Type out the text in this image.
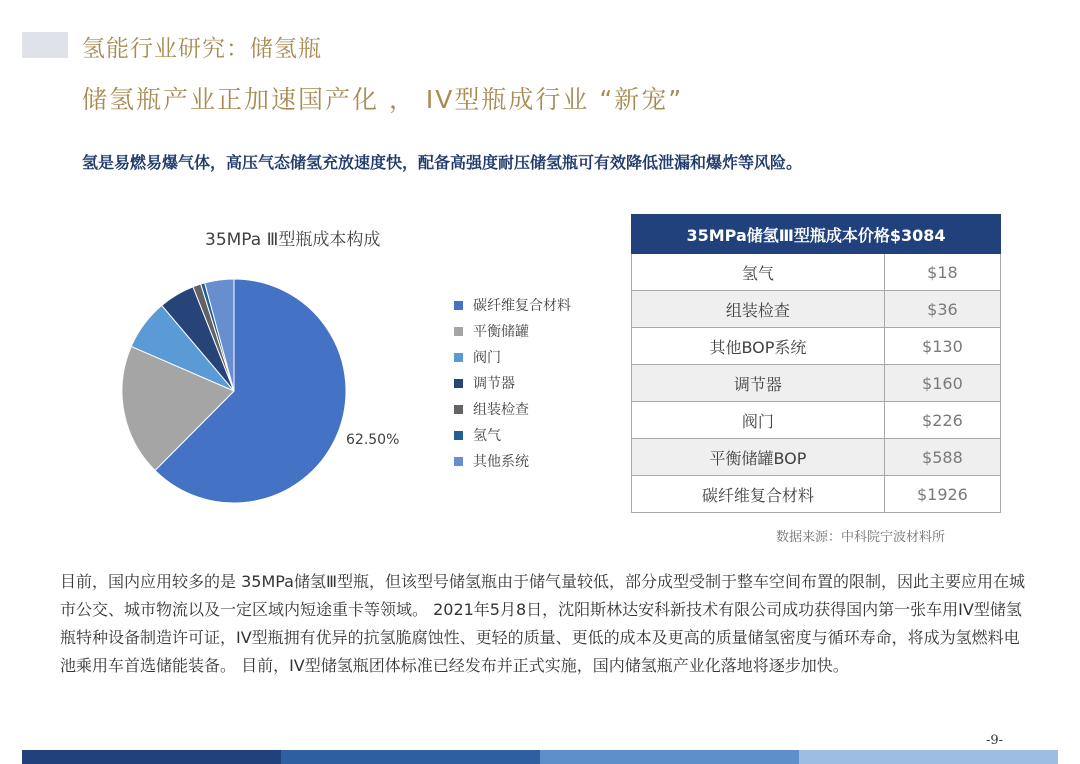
氢能行业研究：储氢瓶
储氢瓶产业正加速国产化 ， IV型瓶成行业 “新宠”
氢是易燃易爆气体，高压气态储氢充放速度快，配备高强度耐压储氢瓶可有效降低泄漏和爆炸等风险。
35MPa Ⅲ型瓶成本构成
62.50%
碳纤维复合材料
平衡储罐
阀门
调节器
组装检查
氢气
其他系统
35MPa储氢Ⅲ型瓶成本价格$3084	
氢气	$18
组装检查	$36
其他BOP系统	$130
调节器	$160
阀门	$226
平衡储罐BOP	$588
碳纤维复合材料	$1926
数据来源：中科院宁波材料所
目前，国内应用较多的是 35MPa储氢Ⅲ型瓶，但该型号储氢瓶由于储气量较低，部分成型受制于整车空间布置的限制，因此主要应用在城市公交、城市物流以及一定区域内短途重卡等领域。 2021年5月8日，沈阳斯林达安科新技术有限公司成功获得国内第一张车用IV型储氢瓶特种设备制造许可证，IV型瓶拥有优异的抗氢脆腐蚀性、更轻的质量、更低的成本及更高的质量储氢密度与循环寿命，将成为氢燃料电池乘用车首选储能装备。 目前，IV型储氢瓶团体标准已经发布并正式实施，国内储氢瓶产业化落地将逐步加快。
-9-
